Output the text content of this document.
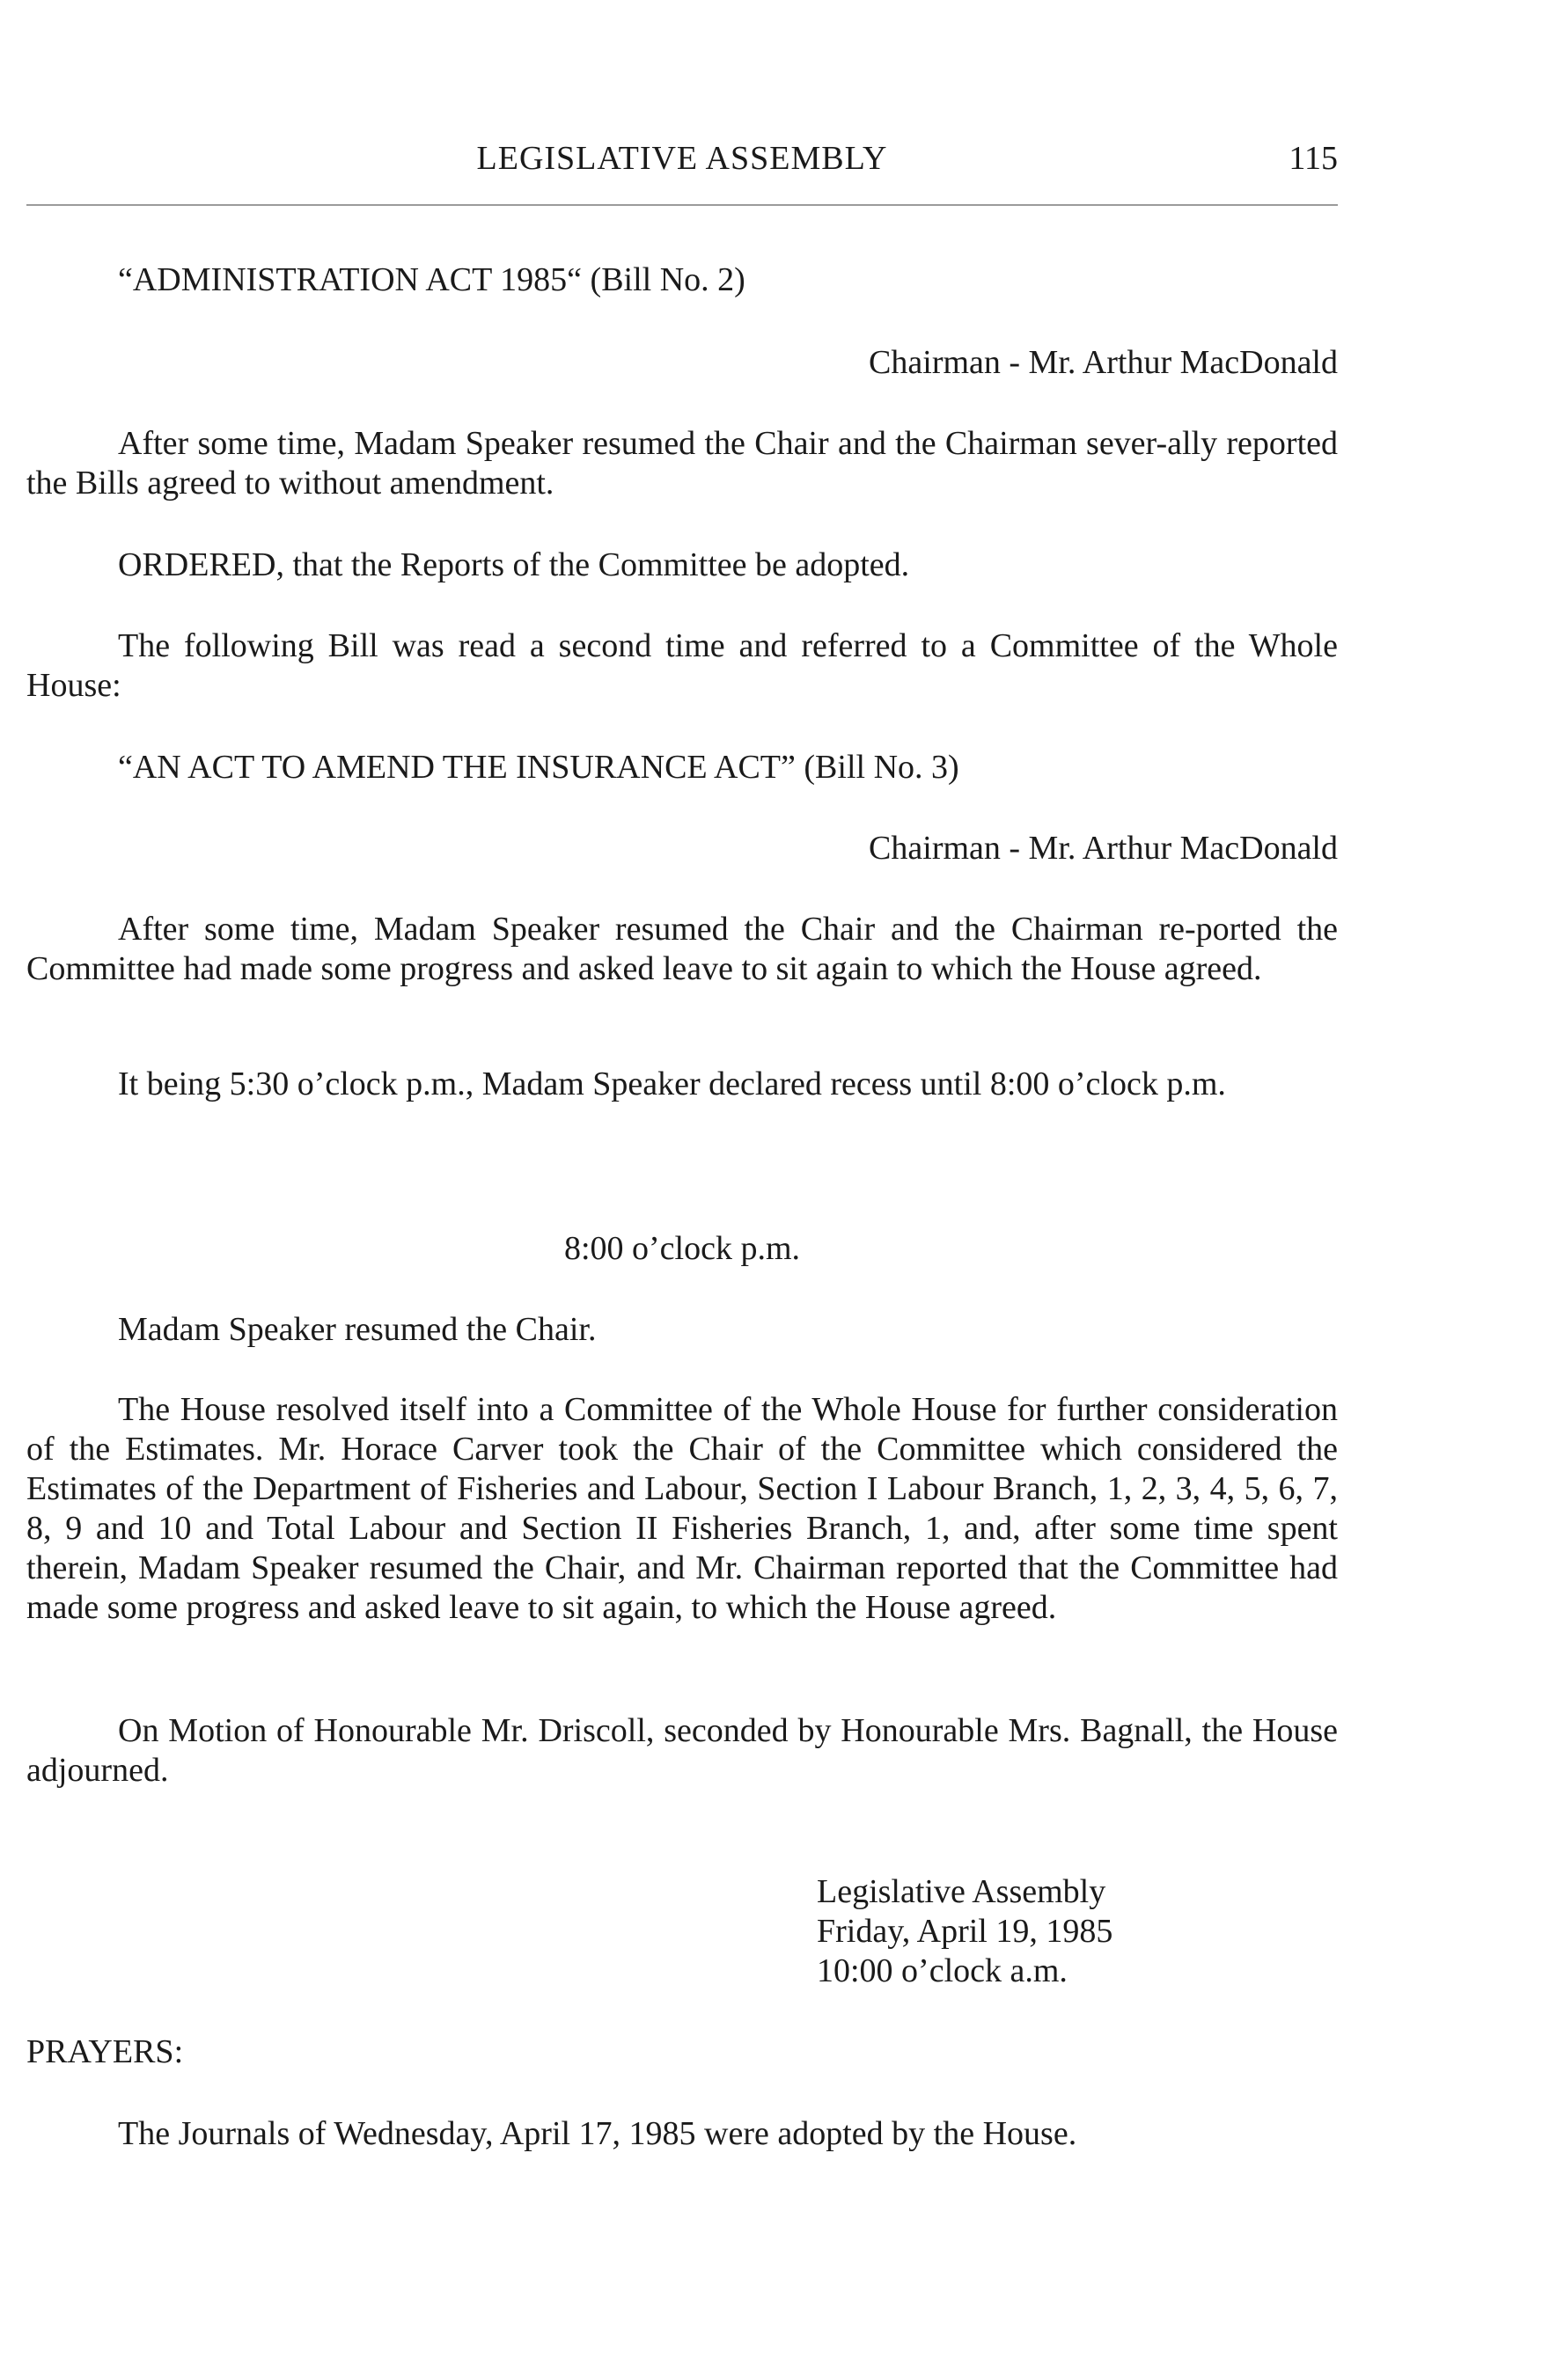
LEGISLATIVE ASSEMBLY	115
“ADMINISTRATION ACT 1985“ (Bill No. 2)
Chairman - Mr. Arthur MacDonald
After some time, Madam Speaker resumed the Chair and the Chairman sever-ally reported the Bills agreed to without amendment.
ORDERED, that the Reports of the Committee be adopted.
The following Bill was read a second time and referred to a Committee of the Whole House:
“AN ACT TO AMEND THE INSURANCE ACT” (Bill No. 3)
Chairman - Mr. Arthur MacDonald
After some time, Madam Speaker resumed the Chair and the Chairman re-ported the Committee had made some progress and asked leave to sit again to which the House agreed.
It being 5:30 o’clock p.m., Madam Speaker declared recess until 8:00 o’clock p.m.
8:00 o’clock p.m.
Madam Speaker resumed the Chair.
The House resolved itself into a Committee of the Whole House for further consideration of the Estimates. Mr. Horace Carver took the Chair of the Committee which considered the Estimates of the Department of Fisheries and Labour, Section I Labour Branch, 1, 2, 3, 4, 5, 6, 7, 8, 9 and 10 and Total Labour and Section II Fisheries Branch, 1, and, after some time spent therein, Madam Speaker resumed the Chair, and Mr. Chairman reported that the Committee had made some progress and asked leave to sit again, to which the House agreed.
On Motion of Honourable Mr. Driscoll, seconded by Honourable Mrs. Bagnall, the House adjourned.
Legislative Assembly
Friday, April 19, 1985
10:00 o’clock a.m.
PRAYERS:
The Journals of Wednesday, April 17, 1985 were adopted by the House.
